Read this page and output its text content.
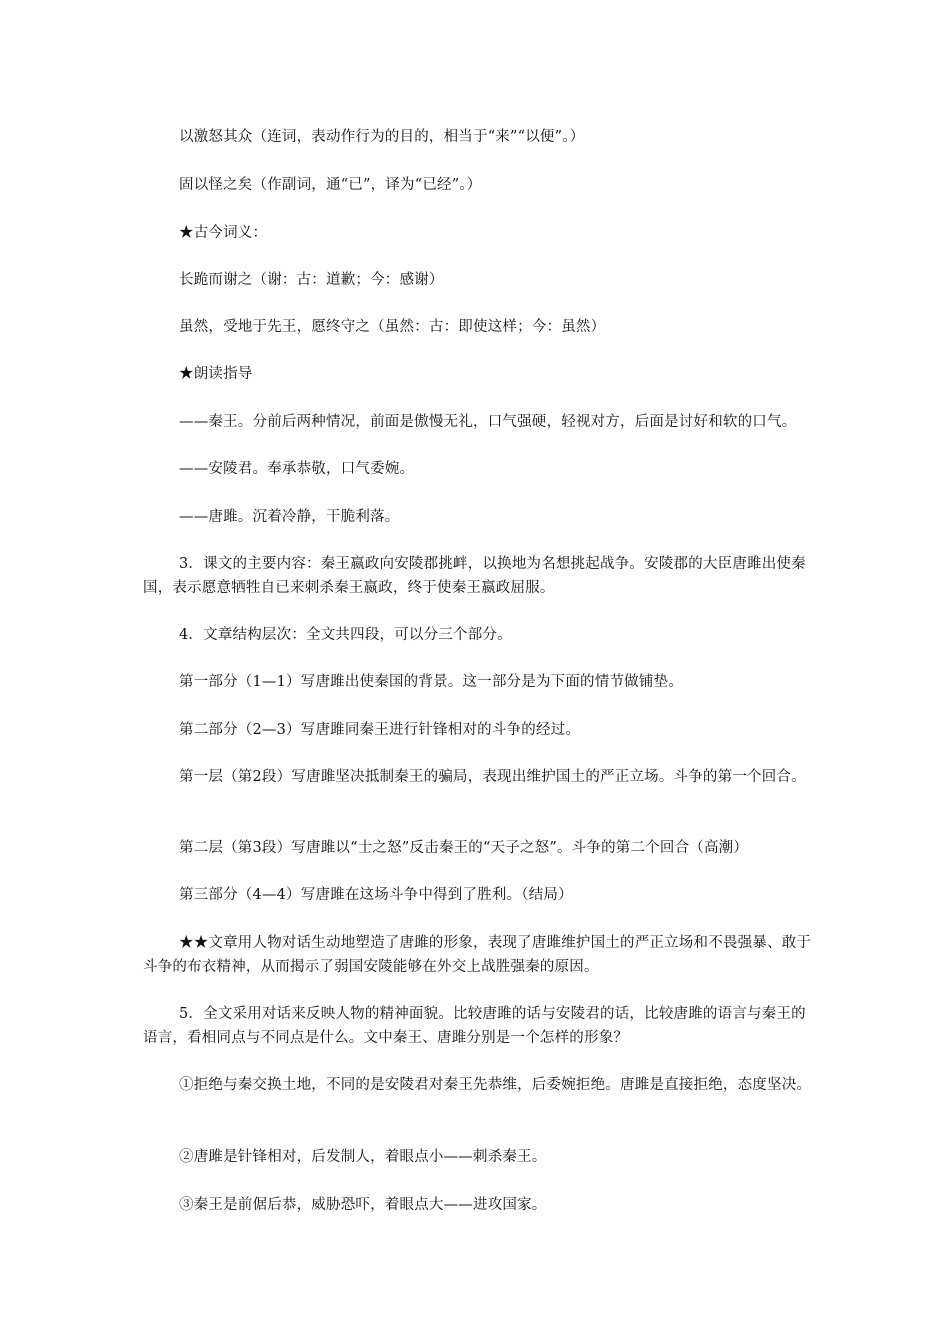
以激怒其众（连词，表动作行为的目的，相当于“来”“以便”。）

固以怪之矣（作副词，通“已”，译为“已经”。）

★古今词义：

长跪而谢之（谢：古：道歉；今：感谢）

虽然，受地于先王，愿终守之（虽然：古：即使这样；今：虽然）

★朗读指导

——秦王。分前后两种情况，前面是傲慢无礼，口气强硬，轻视对方，后面是讨好和软的口气。

——安陵君。奉承恭敬，口气委婉。

——唐雎。沉着冷静，干脆利落。

3．课文的主要内容：秦王嬴政向安陵郡挑衅，以换地为名想挑起战争。安陵郡的大臣唐雎出使秦国，表示愿意牺牲自已来刺杀秦王嬴政，终于使秦王嬴政屈服。

4．文章结构层次：全文共四段，可以分三个部分。

第一部分（1—1）写唐雎出使秦国的背景。这一部分是为下面的情节做铺垫。

第二部分（2—3）写唐雎同秦王进行针锋相对的斗争的经过。

第一层（第2段）写唐雎坚决抵制秦王的骗局，表现出维护国土的严正立场。斗争的第一个回合。

第二层（第3段）写唐雎以“士之怒”反击秦王的“天子之怒”。斗争的第二个回合（高潮）

第三部分（4—4）写唐雎在这场斗争中得到了胜利。（结局）

★★文章用人物对话生动地塑造了唐雎的形象，表现了唐雎维护国土的严正立场和不畏强暴、敢于斗争的布衣精神，从而揭示了弱国安陵能够在外交上战胜强秦的原因。

5．全文采用对话来反映人物的精神面貌。比较唐雎的话与安陵君的话，比较唐雎的语言与秦王的语言，看相同点与不同点是什么。文中秦王、唐雎分别是一个怎样的形象？

①拒绝与秦交换土地，不同的是安陵君对秦王先恭维，后委婉拒绝。唐雎是直接拒绝，态度坚决。

②唐雎是针锋相对，后发制人，着眼点小——刺杀秦王。

③秦王是前倨后恭，威胁恐吓，着眼点大——进攻国家。
